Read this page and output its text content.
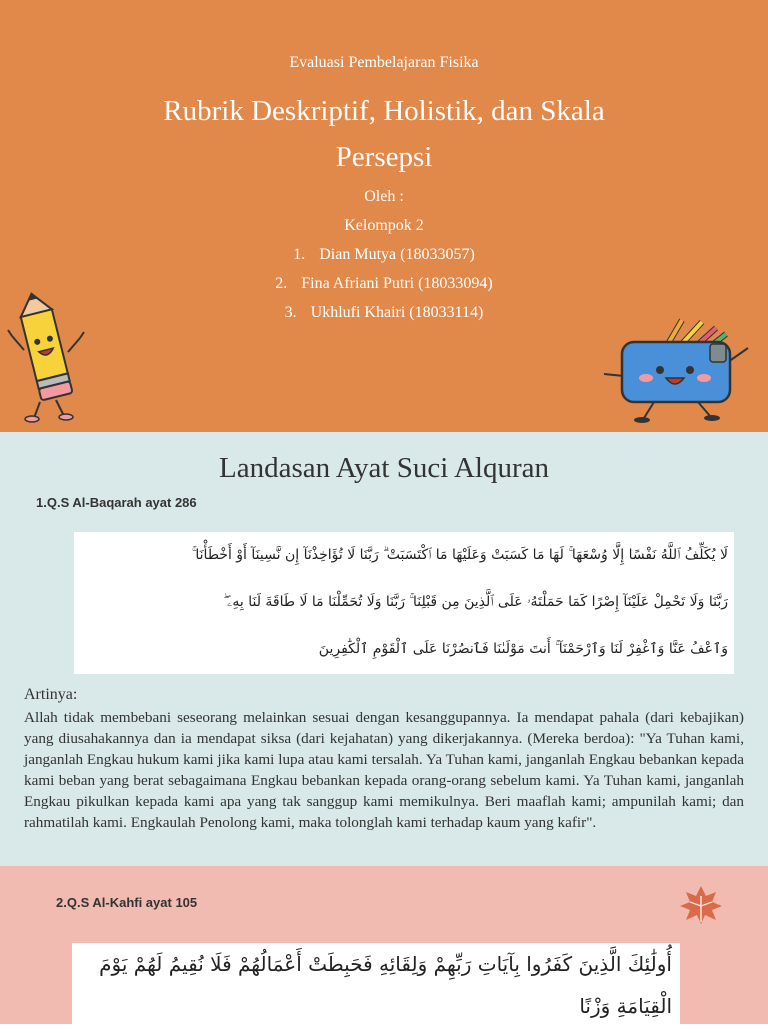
Evaluasi Pembelajaran Fisika
Rubrik Deskriptif, Holistik, dan Skala Persepsi
Oleh :
Kelompok 2
1. Dian Mutya (18033057)
2. Fina Afriani Putri (18033094)
3. Ukhlufi Khairi (18033114)
Landasan Ayat Suci Alquran
1.Q.S Al-Baqarah ayat 286
لَا يُكَلِّفُ ٱللَّهُ نَفْسًا إِلَّا وُسْعَهَا ۚ لَهَا مَا كَسَبَتْ وَعَلَيْهَا مَا ٱكْتَسَبَتْ ۗ رَبَّنَا لَا تُؤَاخِذْنَآ إِن نَّسِينَآ أَوْ أَخْطَأْنَا ۚ
رَبَّنَا وَلَا تَحْمِلْ عَلَيْنَآ إِصْرًا كَمَا حَمَلْتَهُۥ عَلَى ٱلَّذِينَ مِن قَبْلِنَا ۚ رَبَّنَا وَلَا تُحَمِّلْنَا مَا لَا طَاقَةَ لَنَا بِهِۦ ۖ
وَٱعْفُ عَنَّا وَٱغْفِرْ لَنَا وَٱرْحَمْنَآ ۚ أَنتَ مَوْلَىٰنَا فَٱنصُرْنَا عَلَى ٱلْقَوْمِ ٱلْكَٰفِرِينَ
Artinya:

Allah tidak membebani seseorang melainkan sesuai dengan kesanggupannya. Ia mendapat pahala (dari kebajikan) yang diusahakannya dan ia mendapat siksa (dari kejahatan) yang dikerjakannya. (Mereka berdoa): "Ya Tuhan kami, janganlah Engkau hukum kami jika kami lupa atau kami tersalah. Ya Tuhan kami, janganlah Engkau bebankan kepada kami beban yang berat sebagaimana Engkau bebankan kepada orang-orang sebelum kami. Ya Tuhan kami, janganlah Engkau pikulkan kepada kami apa yang tak sanggup kami memikulnya. Beri maaflah kami; ampunilah kami; dan rahmatilah kami. Engkaulah Penolong kami, maka tolonglah kami terhadap kaum yang kafir".

2.Q.S Al-Kahfi ayat 105
أُولَٰئِكَ الَّذِينَ كَفَرُوا بِآيَاتِ رَبِّهِمْ وَلِقَائِهِ فَحَبِطَتْ أَعْمَالُهُمْ فَلَا نُقِيمُ لَهُمْ يَوْمَ
الْقِيَامَةِ وَزْنًا
